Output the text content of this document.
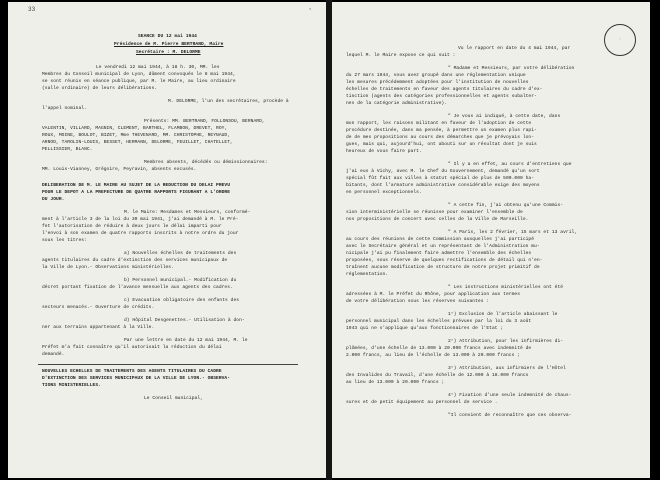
33	·
SEANCE DU 12 mai 1944
Présidence de M. Pierre BERTRAND, Maire
Secrétaire : M. DELORME
Le vendredi 12 mai 1944, à 18 h. 30, MM. les
Membres du Conseil municipal de Lyon, dûment convoqués le 8 mai 1944,
se sont réunis en séance publique, par M. le Maire, au lieu ordinaire
(salle ordinaire) de leurs délibérations.
M. DELORME, l'un des secrétaires, procède à
l'appel nominal.
Présents: MM. BERTRAND, FOLLONSOU, BERNARD,
VALENTIN, VILLARD, MAGNIN, CLEMENT, BARTHEL, FLAMBON, DREVET, ROY,
ROUX, MOINE, BOULOT, BIZET, Mme THEVENARD, MM. CHRISTOPHE, REYNAUD,
ARNOD, TAROLIN-LOUIS, BESSET, HERMANN, DELORME, FEUILLET, CHATELLET,
PELLISSIER, BLANC.
Membres absents, décédés ou démissionnaires:
MM. Louis-Vianney, Grégoire, Peyravin, absents excusés.
DELIBERATION DE M. LE MAIRE AU SUJET DE LA REDUCTION DU DELAI PREVU
POUR LE DEPOT A LA PREFECTURE DE QUATRE RAPPORTS FIGURANT A L'ORDRE
DU JOUR.
M. le Maire: Mesdames et Messieurs, conformé-
ment à l'article 3 de la loi du 30 mai 1941, j'ai demandé à M. le Pré-
fet l'autorisation de réduire à deux jours le délai imparti pour
l'envoi à son examen de quatre rapports inscrits à notre ordre du jour
sous les titres:
a) Nouvelles échelles de traitements des
agents titulaires du cadre d'extinction des services municipaux de
la Ville de Lyon.- Observations ministérielles.
b) Personnel municipal.- Modification du
décret portant fixation de l'avance mensuelle aux agents des cadres.
c) Evacuation obligatoire des enfants des
secteurs menacés.- Ouverture de crédits.
d) Hôpital Desgenettes.- Utilisation à don-
ner aux terrains appartenant à la Ville.
Par une lettre en date du 12 mai 1944, M. le
Préfet m'a fait connaître qu'il autorisait la réduction du délai
demandé.
NOUVELLES ECHELLES DE TRAITEMENTS DES AGENTS TITULAIRES DU CADRE
D'EXTINCTION DES SERVICES MUNICIPAUX DE LA VILLE DE LYON.- OBSERVA-
TIONS MINISTERIELLES.
Le Conseil municipal,
◦
Vu le rapport en date du 4 mai 1944, par
lequel M. le Maire expose ce qui suit :
" Madame et Messieurs, par votre délibération
du 27 mars 1944, vous avez groupé dans une réglementation unique
les mesures précédemment adoptées pour l'institution de nouvelles
échelles de traitements en faveur des agents titulaires du cadre d'ex-
tinction (agents des catégories professionnelles et agents subalter-
nes de la catégorie administrative).
" Je vous ai indiqué, à cette date, dans
mon rapport, les raisons militant en faveur de l'adoption de cette
procédure destinée, dans ma pensée, à permettre un examen plus rapi-
de de mes propositions au cours des démarches que je prévoyais lon-
gues, mais qui, aujourd'hui, ont abouti sur un résultat dont je suis
heureux de vous faire part.
" Il y a en effet, au cours d'entretiens que
j'ai eus à Vichy, avec M. le Chef du Gouvernement, demandé qu'un sort
spécial fût fait aux villes à statut spécial de plus de 500.000 ha-
bitants, dont l'armature administrative considérable exige des moyens
en personnel exceptionnels.
" A cette fin, j'ai obtenu qu'une Commis-
sion interministérielle se réunisse pour examiner l'ensemble de
nos propositions de concert avec celles de la Ville de Marseille.
" A Paris, les 2 février, 15 mars et 13 avril,
au cours des réunions de cette Commission auxquelles j'ai participé
avec le Secrétaire général et un représentant de l'Administration mu-
nicipale j'ai pu finalement faire admettre l'ensemble des échelles
proposées, sous réserve de quelques rectifications de détail qui n'en-
traînent aucune modification de structure de notre projet primitif de
réglementation.
" Les instructions ministérielles ont été
adressées à M. le Préfet du Rhône, pour application aux termes
de votre délibération sous les réserves suivantes :
1°) Exclusion de l'article abaissant le
personnel municipal dans les échelles prévues par la loi du 3 août
1943 qui ne s'applique qu'aux fonctionnaires de l'Etat ;
2°) Attribution, pour les infirmières di-
plômées, d'une échelle de 13.000 à 20.000 francs avec indemnité de
2.000 francs, au lieu de l'échelle de 13.000 à 20.000 francs ;
3°) Attribution, aux infirmiers de l'Hôtel
des Invalides du Travail, d'une échelle de 12.000 à 18.000 francs
au lieu de 13.000 à 20.000 francs ;
4°) Fixation d'une seule indemnité de chaus-
sures et de petit équipement au personnel de service .
"Il convient de reconnaître que ces observa-
